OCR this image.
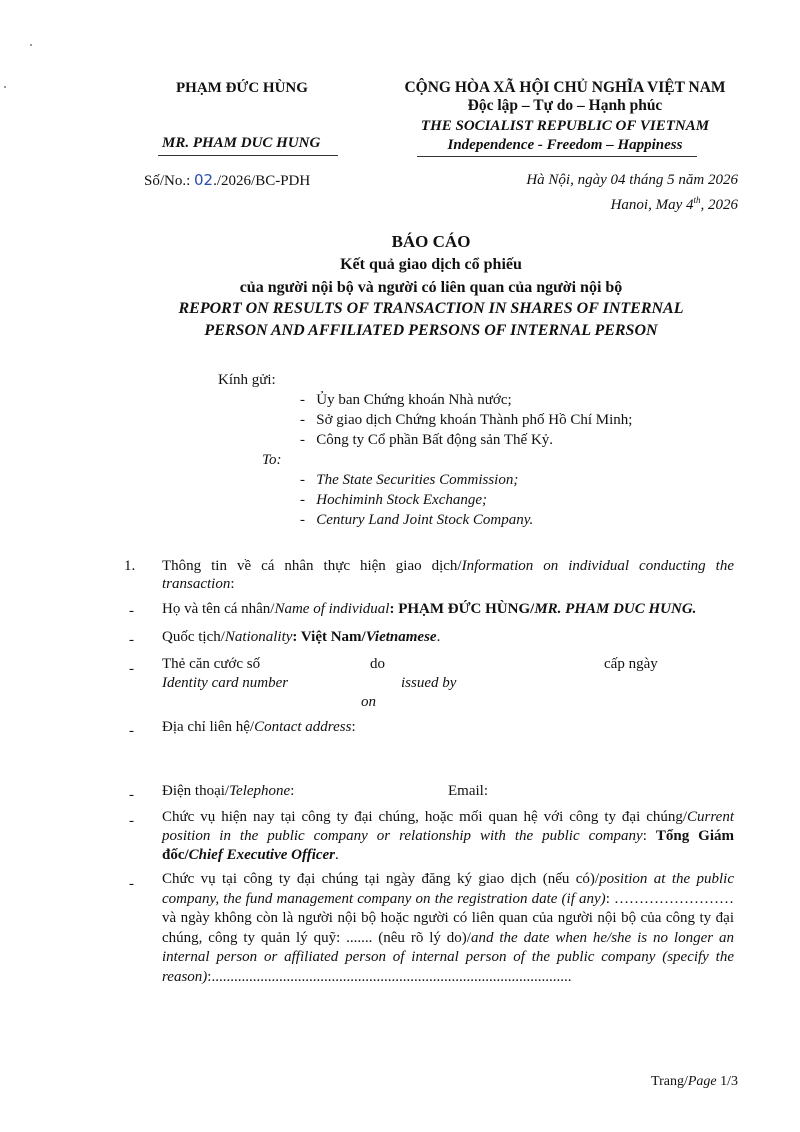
PHẠM ĐỨC HÙNG
MR. PHAM DUC HUNG
Số/No.: 02./2026/BC-PDH
CỘNG HÒA XÃ HỘI CHỦ NGHĨA VIỆT NAM
Độc lập – Tự do – Hạnh phúc
THE SOCIALIST REPUBLIC OF VIETNAM
Independence - Freedom – Happiness
Hà Nội, ngày 04 tháng 5 năm 2026
Hanoi, May 4th, 2026
BÁO CÁO
Kết quả giao dịch cổ phiếu
của người nội bộ và người có liên quan của người nội bộ
REPORT ON RESULTS OF TRANSACTION IN SHARES OF INTERNAL
PERSON AND AFFILIATED PERSONS OF INTERNAL PERSON
Kính gửi:
-   Ủy ban Chứng khoán Nhà nước;
-   Sở giao dịch Chứng khoán Thành phố Hồ Chí Minh;
-   Công ty Cổ phần Bất động sản Thế Kỷ.
To:
-   The State Securities Commission;
-   Hochiminh Stock Exchange;
-   Century Land Joint Stock Company.
1. Thông tin về cá nhân thực hiện giao dịch/Information on individual conducting the transaction:
- Họ và tên cá nhân/Name of individual: PHẠM ĐỨC HÙNG/MR. PHAM DUC HUNG.
- Quốc tịch/Nationality: Việt Nam/Vietnamese.
- Thẻ căn cước số	do	cấp ngày
Identity card number	issued by
on
- Địa chỉ liên hệ/Contact address:
- Điện thoại/Telephone:	Email:
- Chức vụ hiện nay tại công ty đại chúng, hoặc mối quan hệ với công ty đại chúng/Current position in the public company or relationship with the public company: Tổng Giám đốc/Chief Executive Officer.
- Chức vụ tại công ty đại chúng tại ngày đăng ký giao dịch (nếu có)/position at the public company, the fund management company on the registration date (if any): …………………… và ngày không còn là người nội bộ hoặc người có liên quan của người nội bộ của công ty đại chúng, công ty quản lý quỹ: ....... (nêu rõ lý do)/and the date when he/she is no longer an internal person or affiliated person of internal person of the public company (specify the reason):................................................................................................
Trang/Page 1/3
